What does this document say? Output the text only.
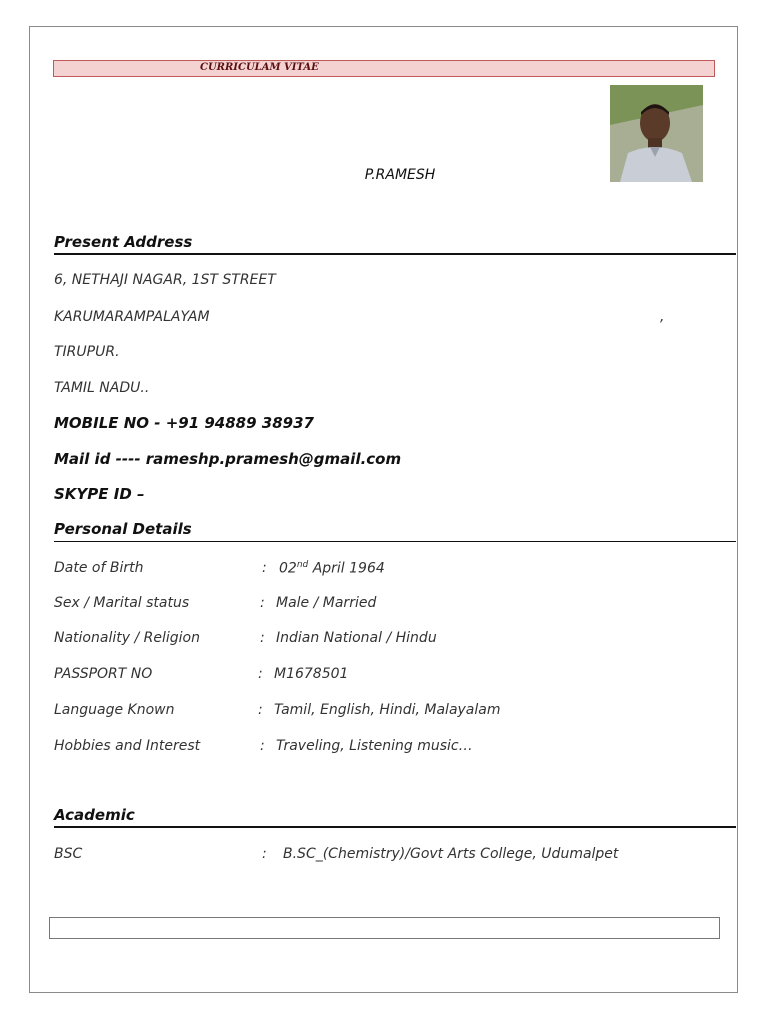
CURRICULAM VITAE
P.RAMESH
Present Address
6, NETHAJI NAGAR, 1ST STREET
KARUMARAMPALAYAM	,
TIRUPUR.
TAMIL NADU..
MOBILE NO - +91 94889 38937
Mail id ---- rameshp.pramesh@gmail.com
SKYPE ID –
Personal Details
Date of Birth	: 02nd April 1964
Sex / Marital status	: Male / Married
Nationality / Religion	: Indian National / Hindu
PASSPORT NO	: M1678501
Language Known	: Tamil, English, Hindi, Malayalam
Hobbies and Interest	: Traveling, Listening music…
Academic
BSC	: B.SC_(Chemistry)/Govt Arts College, Udumalpet
